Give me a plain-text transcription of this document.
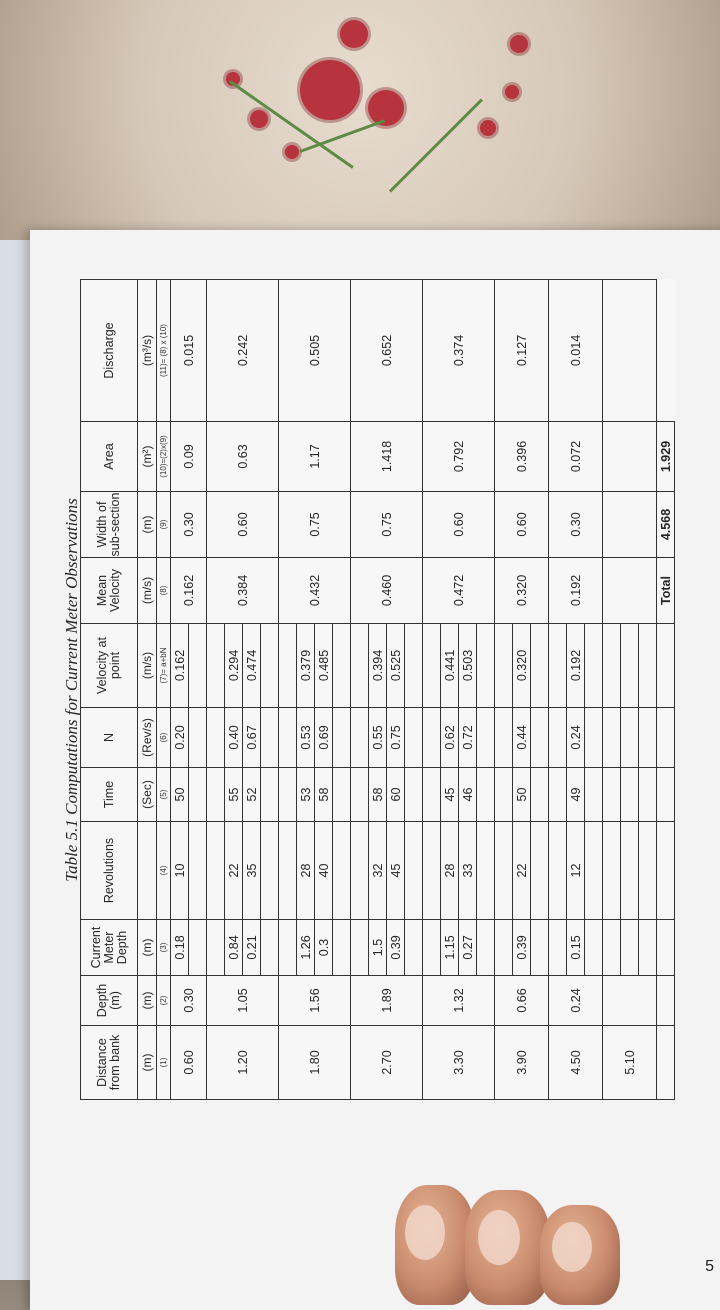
Table 5.1 Computations for Current Meter Observations
Distance from bank	Depth (m)	Current Meter Depth	Revolutions	Time	N	Velocity at point	Mean Velocity	Width of sub-section	Area	Discharge
(m)	(m)	(m)		(Sec)	(Rev/s)	(m/s)	(m/s)	(m)	(m²)	(m³/s)
(1)	(2)	(3)	(4)	(5)	(6)	(7)= a+bN	(8)	(9)	(10)=(2)x(9)	(11)= (8) x (10)
0.60	0.30	0.18	10	50	0.20	0.162	0.162	0.30	0.09	0.015

1.20	1.05						0.384	0.60	0.63	0.242
		0.84	22	55	0.40	0.294				
		0.21	35	52	0.67	0.474				

1.80	1.56						0.432	0.75	1.17	0.505
		1.26	28	53	0.53	0.379				
		0.3	40	58	0.69	0.485				

2.70	1.89						0.460	0.75	1.418	0.652
		1.5	32	58	0.55	0.394				
		0.39	45	60	0.75	0.525				

3.30	1.32						0.472	0.60	0.792	0.374
		1.15	28	45	0.62	0.441				
		0.27	33	46	0.72	0.503				

3.90	0.66						0.320	0.60	0.396	0.127
		0.39	22	50	0.44	0.320				

4.50	0.24						0.192	0.30	0.072	0.014
		0.15	12	49	0.24	0.192				

5.10										

							Total	4.568	1.929	
5
